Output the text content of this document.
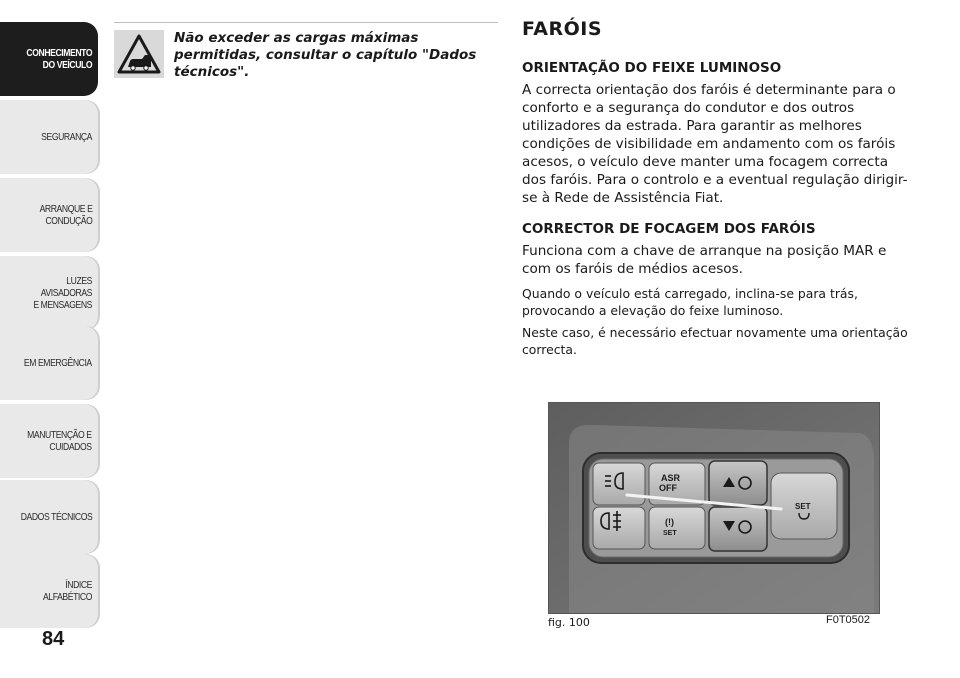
CONHECIMENTO
DO VEÍCULO
SEGURANÇA
ARRANQUE E
CONDUÇÃO
LUZES AVISADORAS
E MENSAGENS
EM EMERGÊNCIA
MANUTENÇÃO E
CUIDADOS
DADOS TÉCNICOS
ÍNDICE ALFABÉTICO
84
Não exceder as cargas máximas permitidas, consultar o capítulo "Dados técnicos".
FARÓIS
ORIENTAÇÃO DO FEIXE LUMINOSO

A correcta orientação dos faróis é determinante para o conforto e a segurança do condutor e dos outros utilizadores da estrada. Para garantir as melhores condições de visibilidade em andamento com os faróis acesos, o veículo deve manter uma focagem correcta dos faróis. Para o controlo e a eventual regulação dirigir-se à Rede de Assistência Fiat.

CORRECTOR DE FOCAGEM DOS FARÓIS

Funciona com a chave de arranque na posição MAR e com os faróis de médios acesos.

Quando o veículo está carregado, inclina-se para trás, provocando a elevação do feixe luminoso.

Neste caso, é necessário efectuar novamente uma orientação correcta.

ASR
OFF
(!)
SET
SET
fig. 100	F0T0502
